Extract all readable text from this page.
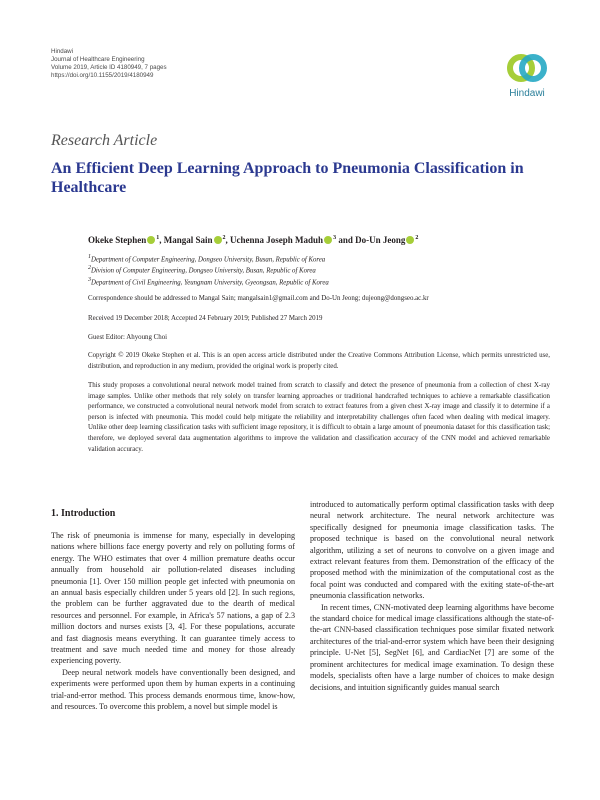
Hindawi
Journal of Healthcare Engineering
Volume 2019, Article ID 4180949, 7 pages
https://doi.org/10.1155/2019/4180949
Hindawi
Research Article
An Efficient Deep Learning Approach to Pneumonia Classification in Healthcare
Okeke Stephen $^1$, Mangal Sain $^2$, Uchenna Joseph Maduh $^3$ and Do-Un Jeong $^2$
$^1$Department of Computer Engineering, Dongseo University, Busan, Republic of Korea
$^2$Division of Computer Engineering, Dongseo University, Busan, Republic of Korea
$^3$Department of Civil Engineering, Yeungnam University, Gyeongsan, Republic of Korea
Correspondence should be addressed to Mangal Sain; mangalsain1@gmail.com and Do-Un Jeong; dujeong@dongseo.ac.kr
Received 19 December 2018; Accepted 24 February 2019; Published 27 March 2019
Guest Editor: Ahyoung Choi
Copyright © 2019 Okeke Stephen et al. This is an open access article distributed under the Creative Commons Attribution License, which permits unrestricted use, distribution, and reproduction in any medium, provided the original work is properly cited.
This study proposes a convolutional neural network model trained from scratch to classify and detect the presence of pneumonia from a collection of chest X-ray image samples. Unlike other methods that rely solely on transfer learning approaches or traditional handcrafted techniques to achieve a remarkable classification performance, we constructed a convolutional neural network model from scratch to extract features from a given chest X-ray image and classify it to determine if a person is infected with pneumonia. This model could help mitigate the reliability and interpretability challenges often faced when dealing with medical imagery. Unlike other deep learning classification tasks with sufficient image repository, it is difficult to obtain a large amount of pneumonia dataset for this classification task; therefore, we deployed several data augmentation algorithms to improve the validation and classification accuracy of the CNN model and achieved remarkable validation accuracy.
1. Introduction

The risk of pneumonia is immense for many, especially in developing nations where billions face energy poverty and rely on polluting forms of energy. The WHO estimates that over 4 million premature deaths occur annually from household air pollution-related diseases including pneumonia [1]. Over 150 million people get infected with pneumonia on an annual basis especially children under 5 years old [2]. In such regions, the problem can be further aggravated due to the dearth of medical resources and personnel. For example, in Africa's 57 nations, a gap of 2.3 million doctors and nurses exists [3, 4]. For these populations, accurate and fast diagnosis means everything. It can guarantee timely access to treatment and save much needed time and money for those already experiencing poverty.

Deep neural network models have conventionally been designed, and experiments were performed upon them by human experts in a continuing trial-and-error method. This process demands enormous time, know-how, and resources. To overcome this problem, a novel but simple model is

introduced to automatically perform optimal classification tasks with deep neural network architecture. The neural network architecture was specifically designed for pneumonia image classification tasks. The proposed technique is based on the convolutional neural network algorithm, utilizing a set of neurons to convolve on a given image and extract relevant features from them. Demonstration of the efficacy of the proposed method with the minimization of the computational cost as the focal point was conducted and compared with the exiting state-of-the-art pneumonia classification networks.

In recent times, CNN-motivated deep learning algorithms have become the standard choice for medical image classifications although the state-of-the-art CNN-based classification techniques pose similar fixated network architectures of the trial-and-error system which have been their designing principle. U-Net [5], SegNet [6], and CardiacNet [7] are some of the prominent architectures for medical image examination. To design these models, specialists often have a large number of choices to make design decisions, and intuition significantly guides manual search
